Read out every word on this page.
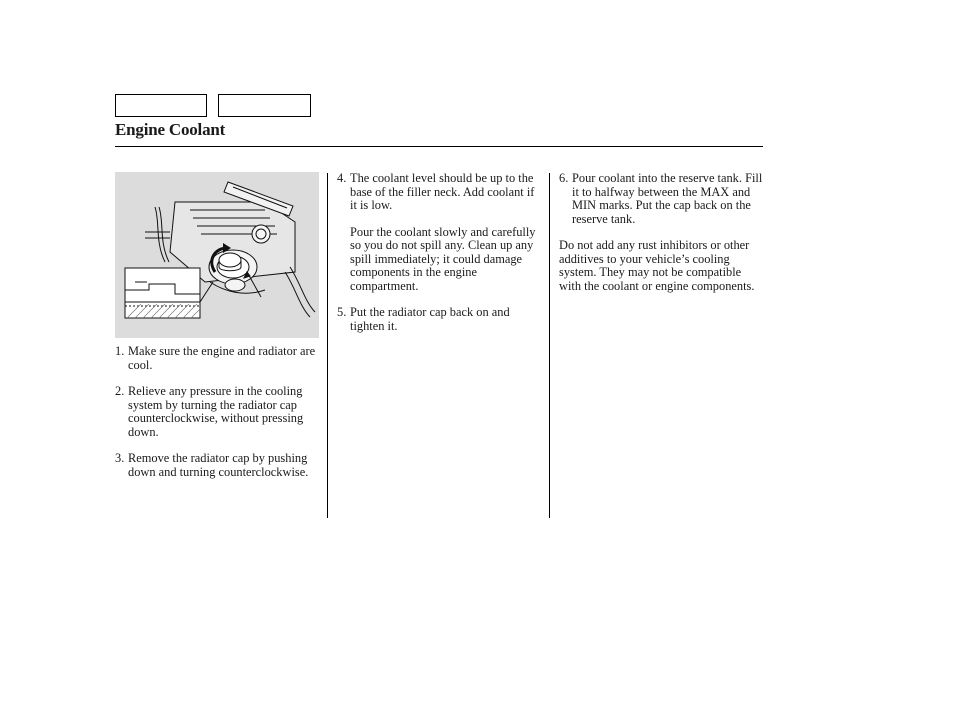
Engine Coolant
1. Make sure the engine and radiator are cool.
2. Relieve any pressure in the cooling system by turning the radiator cap counterclockwise, without pressing down.
3. Remove the radiator cap by pushing down and turning counterclockwise.
4. The coolant level should be up to the base of the filler neck. Add coolant if it is low.
Pour the coolant slowly and carefully so you do not spill any. Clean up any spill immediately; it could damage components in the engine compartment.
5. Put the radiator cap back on and tighten it.
6. Pour coolant into the reserve tank. Fill it to halfway between the MAX and MIN marks. Put the cap back on the reserve tank.

Do not add any rust inhibitors or other additives to your vehicle’s cooling system. They may not be compatible with the coolant or engine components.
